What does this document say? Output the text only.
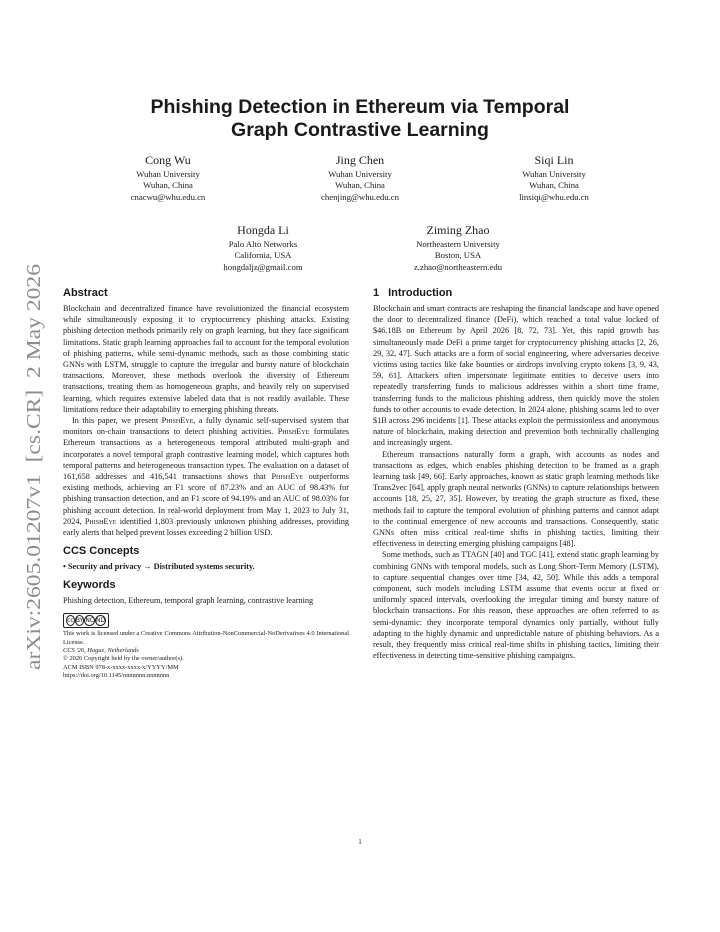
arXiv:2605.01207v1  [cs.CR]  2 May 2026
Phishing Detection in Ethereum via Temporal
Graph Contrastive Learning
Cong Wu
Wuhan University
Wuhan, China
cnacwu@whu.edu.cn
Jing Chen
Wuhan University
Wuhan, China
chenjing@whu.edu.cn
Siqi Lin
Wuhan University
Wuhan, China
linsiqi@whu.edu.cn
Hongda Li
Palo Alto Networks
California, USA
hongdaljz@gmail.com
Ziming Zhao
Northeastern University
Boston, USA
z.zhao@northeastern.edu
Abstract

Blockchain and decentralized finance have revolutionized the financial ecosystem while simultaneously exposing it to cryptocurrency phishing attacks. Existing phishing detection methods primarily rely on graph learning, but they face significant limitations. Static graph learning approaches fail to account for the temporal evolution of phishing patterns, while semi-dynamic methods, such as those combining static GNNs with LSTM, struggle to capture the irregular and bursty nature of blockchain transactions. Moreover, these methods overlook the diversity of Ethereum transactions, treating them as homogeneous graphs, and heavily rely on supervised learning, which requires extensive labeled data that is not readily available. These limitations reduce their adaptability to emerging phishing threats.

In this paper, we present PhishEye, a fully dynamic self-supervised system that monitors on-chain transactions to detect phishing activities. PhishEye formulates Ethereum transactions as a heterogeneous temporal attributed multi-graph and incorporates a novel temporal graph contrastive learning model, which captures both temporal patterns and heterogeneous transaction types. The evaluation on a dataset of 161,658 addresses and 416,541 transactions shows that PhishEye outperforms existing methods, achieving an F1 score of 87.23% and an AUC of 98.43% for phishing transaction detection, and an F1 score of 94.19% and an AUC of 98.03% for phishing account detection. In real-world deployment from May 1, 2023 to July 31, 2024, PhishEye identified 1,803 previously unknown phishing addresses, providing early alerts that helped prevent losses exceeding 2 billion USD.

CCS Concepts

• Security and privacy → Distributed systems security.

Keywords

Phishing detection, Ethereum, temporal graph learning, contrastive learning

cc BY NC ND

This work is licensed under a Creative Commons Attribution-NonCommercial-NoDerivatives 4.0 International License.

CCS '26, Hague, Netherlands

© 2026 Copyright held by the owner/author(s).

ACM ISBN 978-x-xxxx-xxxx-x/YYYY/MM

https://doi.org/10.1145/nnnnnnn.nnnnnnn

1 Introduction

Blockchain and smart contracts are reshaping the financial landscape and have opened the door to decentralized finance (DeFi), which reached a total value locked of $46.18B on Ethereum by April 2026 [8, 72, 73]. Yet, this rapid growth has simultaneously made DeFi a prime target for cryptocurrency phishing attacks [2, 26, 29, 32, 47]. Such attacks are a form of social engineering, where adversaries deceive victims using tactics like fake bounties or airdrops involving crypto tokens [3, 9, 43, 59, 61]. Attackers often impersonate legitimate entities to deceive users into repeatedly transferring funds to malicious addresses within a short time frame, transferring funds to the malicious phishing address, then quickly move the stolen funds to other accounts to evade detection. In 2024 alone, phishing scams led to over $1B across 296 incidents [1]. These attacks exploit the permissionless and anonymous nature of blockchain, making detection and prevention both technically challenging and increasingly urgent.

Ethereum transactions naturally form a graph, with accounts as nodes and transactions as edges, which enables phishing detection to be framed as a graph learning task [49, 66]. Early approaches, known as static graph learning methods like Trans2vec [64], apply graph neural networks (GNNs) to capture relationships between accounts [18, 25, 27, 35]. However, by treating the graph structure as fixed, these methods fail to capture the temporal evolution of phishing patterns and cannot adapt to the continual emergence of new accounts and transactions. Consequently, static GNNs often miss critical real-time shifts in phishing tactics, limiting their effectiveness in detecting emerging phishing campaigns [48].

Some methods, such as TTAGN [40] and TGC [41], extend static graph learning by combining GNNs with temporal models, such as Long Short-Term Memory (LSTM), to capture sequential changes over time [34, 42, 50]. While this adds a temporal component, such models including LSTM assume that events occur at fixed or uniformly spaced intervals, overlooking the irregular timing and bursty nature of blockchain transactions. For this reason, these approaches are often referred to as semi-dynamic: they incorporate temporal dynamics only partially, without fully adapting to the highly dynamic and unpredictable nature of phishing behaviors. As a result, they frequently miss critical real-time shifts in phishing tactics, limiting their effectiveness in detecting time-sensitive phishing campaigns.

1
